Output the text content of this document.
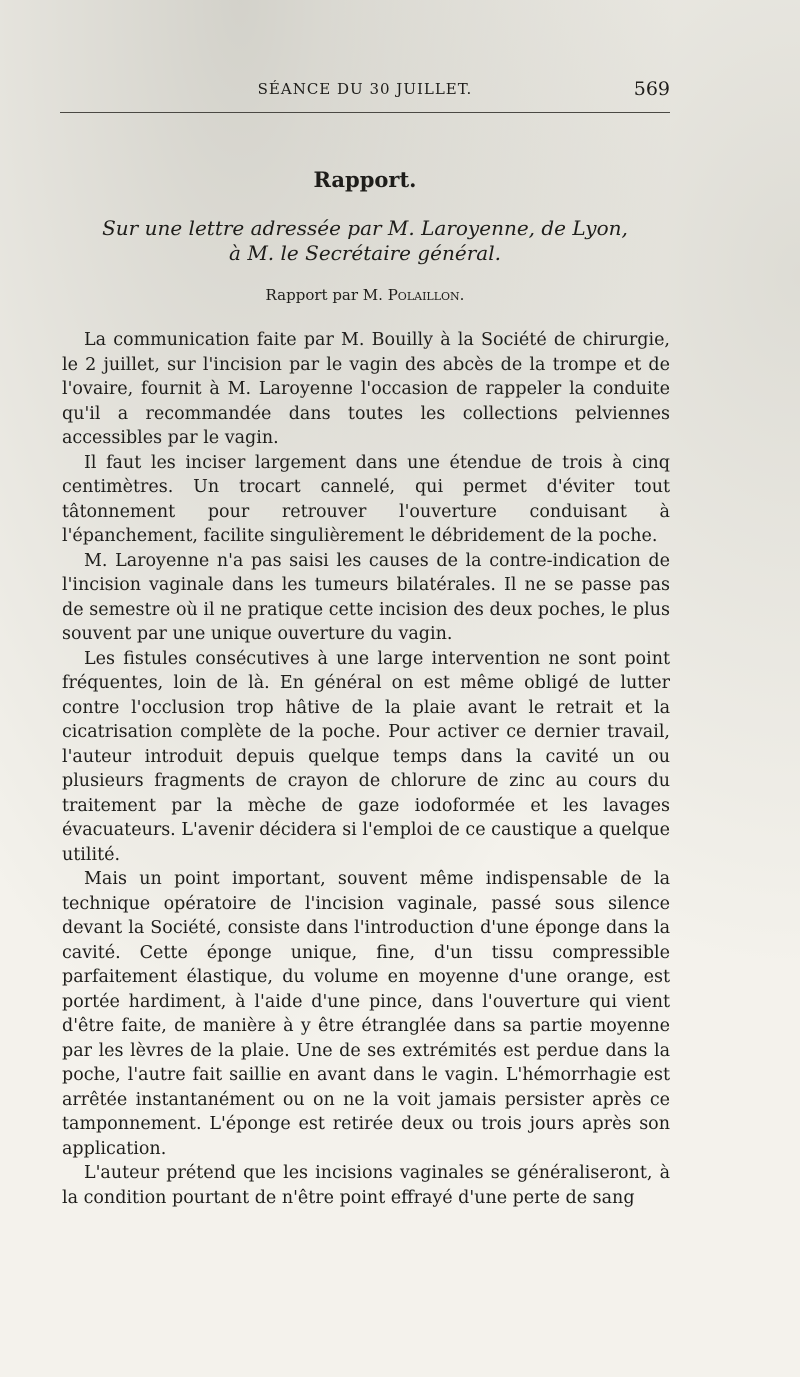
SÉANCE DU 30 JUILLET.	569
Rapport.
Sur une lettre adressée par M. Laroyenne, de Lyon,
à M. le Secrétaire général.
Rapport par M. Polaillon.

La communication faite par M. Bouilly à la Société de chirurgie, le 2 juillet, sur l'incision par le vagin des abcès de la trompe et de l'ovaire, fournit à M. Laroyenne l'occasion de rappeler la conduite qu'il a recommandée dans toutes les collections pelviennes accessibles par le vagin.

Il faut les inciser largement dans une étendue de trois à cinq centimètres. Un trocart cannelé, qui permet d'éviter tout tâtonnement pour retrouver l'ouverture conduisant à l'épanchement, facilite singulièrement le débridement de la poche.

M. Laroyenne n'a pas saisi les causes de la contre-indication de l'incision vaginale dans les tumeurs bilatérales. Il ne se passe pas de semestre où il ne pratique cette incision des deux poches, le plus souvent par une unique ouverture du vagin.

Les fistules consécutives à une large intervention ne sont point fréquentes, loin de là. En général on est même obligé de lutter contre l'occlusion trop hâtive de la plaie avant le retrait et la cicatrisation complète de la poche. Pour activer ce dernier travail, l'auteur introduit depuis quelque temps dans la cavité un ou plusieurs fragments de crayon de chlorure de zinc au cours du traitement par la mèche de gaze iodoformée et les lavages évacuateurs. L'avenir décidera si l'emploi de ce caustique a quelque utilité.

Mais un point important, souvent même indispensable de la technique opératoire de l'incision vaginale, passé sous silence devant la Société, consiste dans l'introduction d'une éponge dans la cavité. Cette éponge unique, fine, d'un tissu compressible parfaitement élastique, du volume en moyenne d'une orange, est portée hardiment, à l'aide d'une pince, dans l'ouverture qui vient d'être faite, de manière à y être étranglée dans sa partie moyenne par les lèvres de la plaie. Une de ses extrémités est perdue dans la poche, l'autre fait saillie en avant dans le vagin. L'hémorrhagie est arrêtée instantanément ou on ne la voit jamais persister après ce tamponnement. L'éponge est retirée deux ou trois jours après son application.

L'auteur prétend que les incisions vaginales se généraliseront, à la condition pourtant de n'être point effrayé d'une perte de sang
